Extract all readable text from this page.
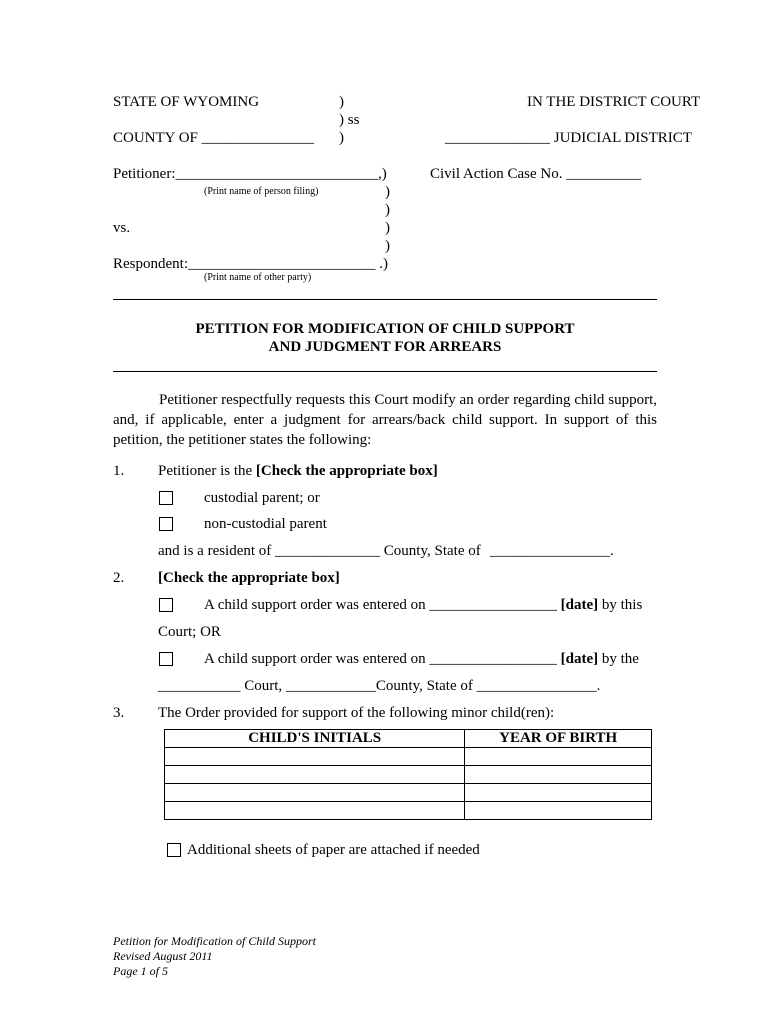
STATE OF WYOMING	)	IN THE DISTRICT COURT
) ss
COUNTY OF _______________ )	______________ JUDICIAL DISTRICT
Petitioner:___________________________,)	Civil Action Case No. __________
(Print name of person filing)	)
)
vs.	)
)
Respondent:_________________________ .)
(Print name of other party)
PETITION FOR MODIFICATION OF CHILD SUPPORT
AND JUDGMENT FOR ARREARS
Petitioner respectfully requests this Court modify an order regarding child support, and, if applicable, enter a judgment for arrears/back child support. In support of this petition, the petitioner states the following:
1. Petitioner is the [Check the appropriate box]
custodial parent; or
non-custodial parent
and is a resident of ______________ County, State of ________________.
2. [Check the appropriate box]
A child support order was entered on _________________ [date] by this
Court; OR
A child support order was entered on _________________ [date] by the
___________ Court, ____________County, State of ________________.
3. The Order provided for support of the following minor child(ren):
CHILD'S INITIALS	YEAR OF BIRTH

Additional sheets of paper are attached if needed
Petition for Modification of Child Support
Revised August 2011
Page 1 of 5
